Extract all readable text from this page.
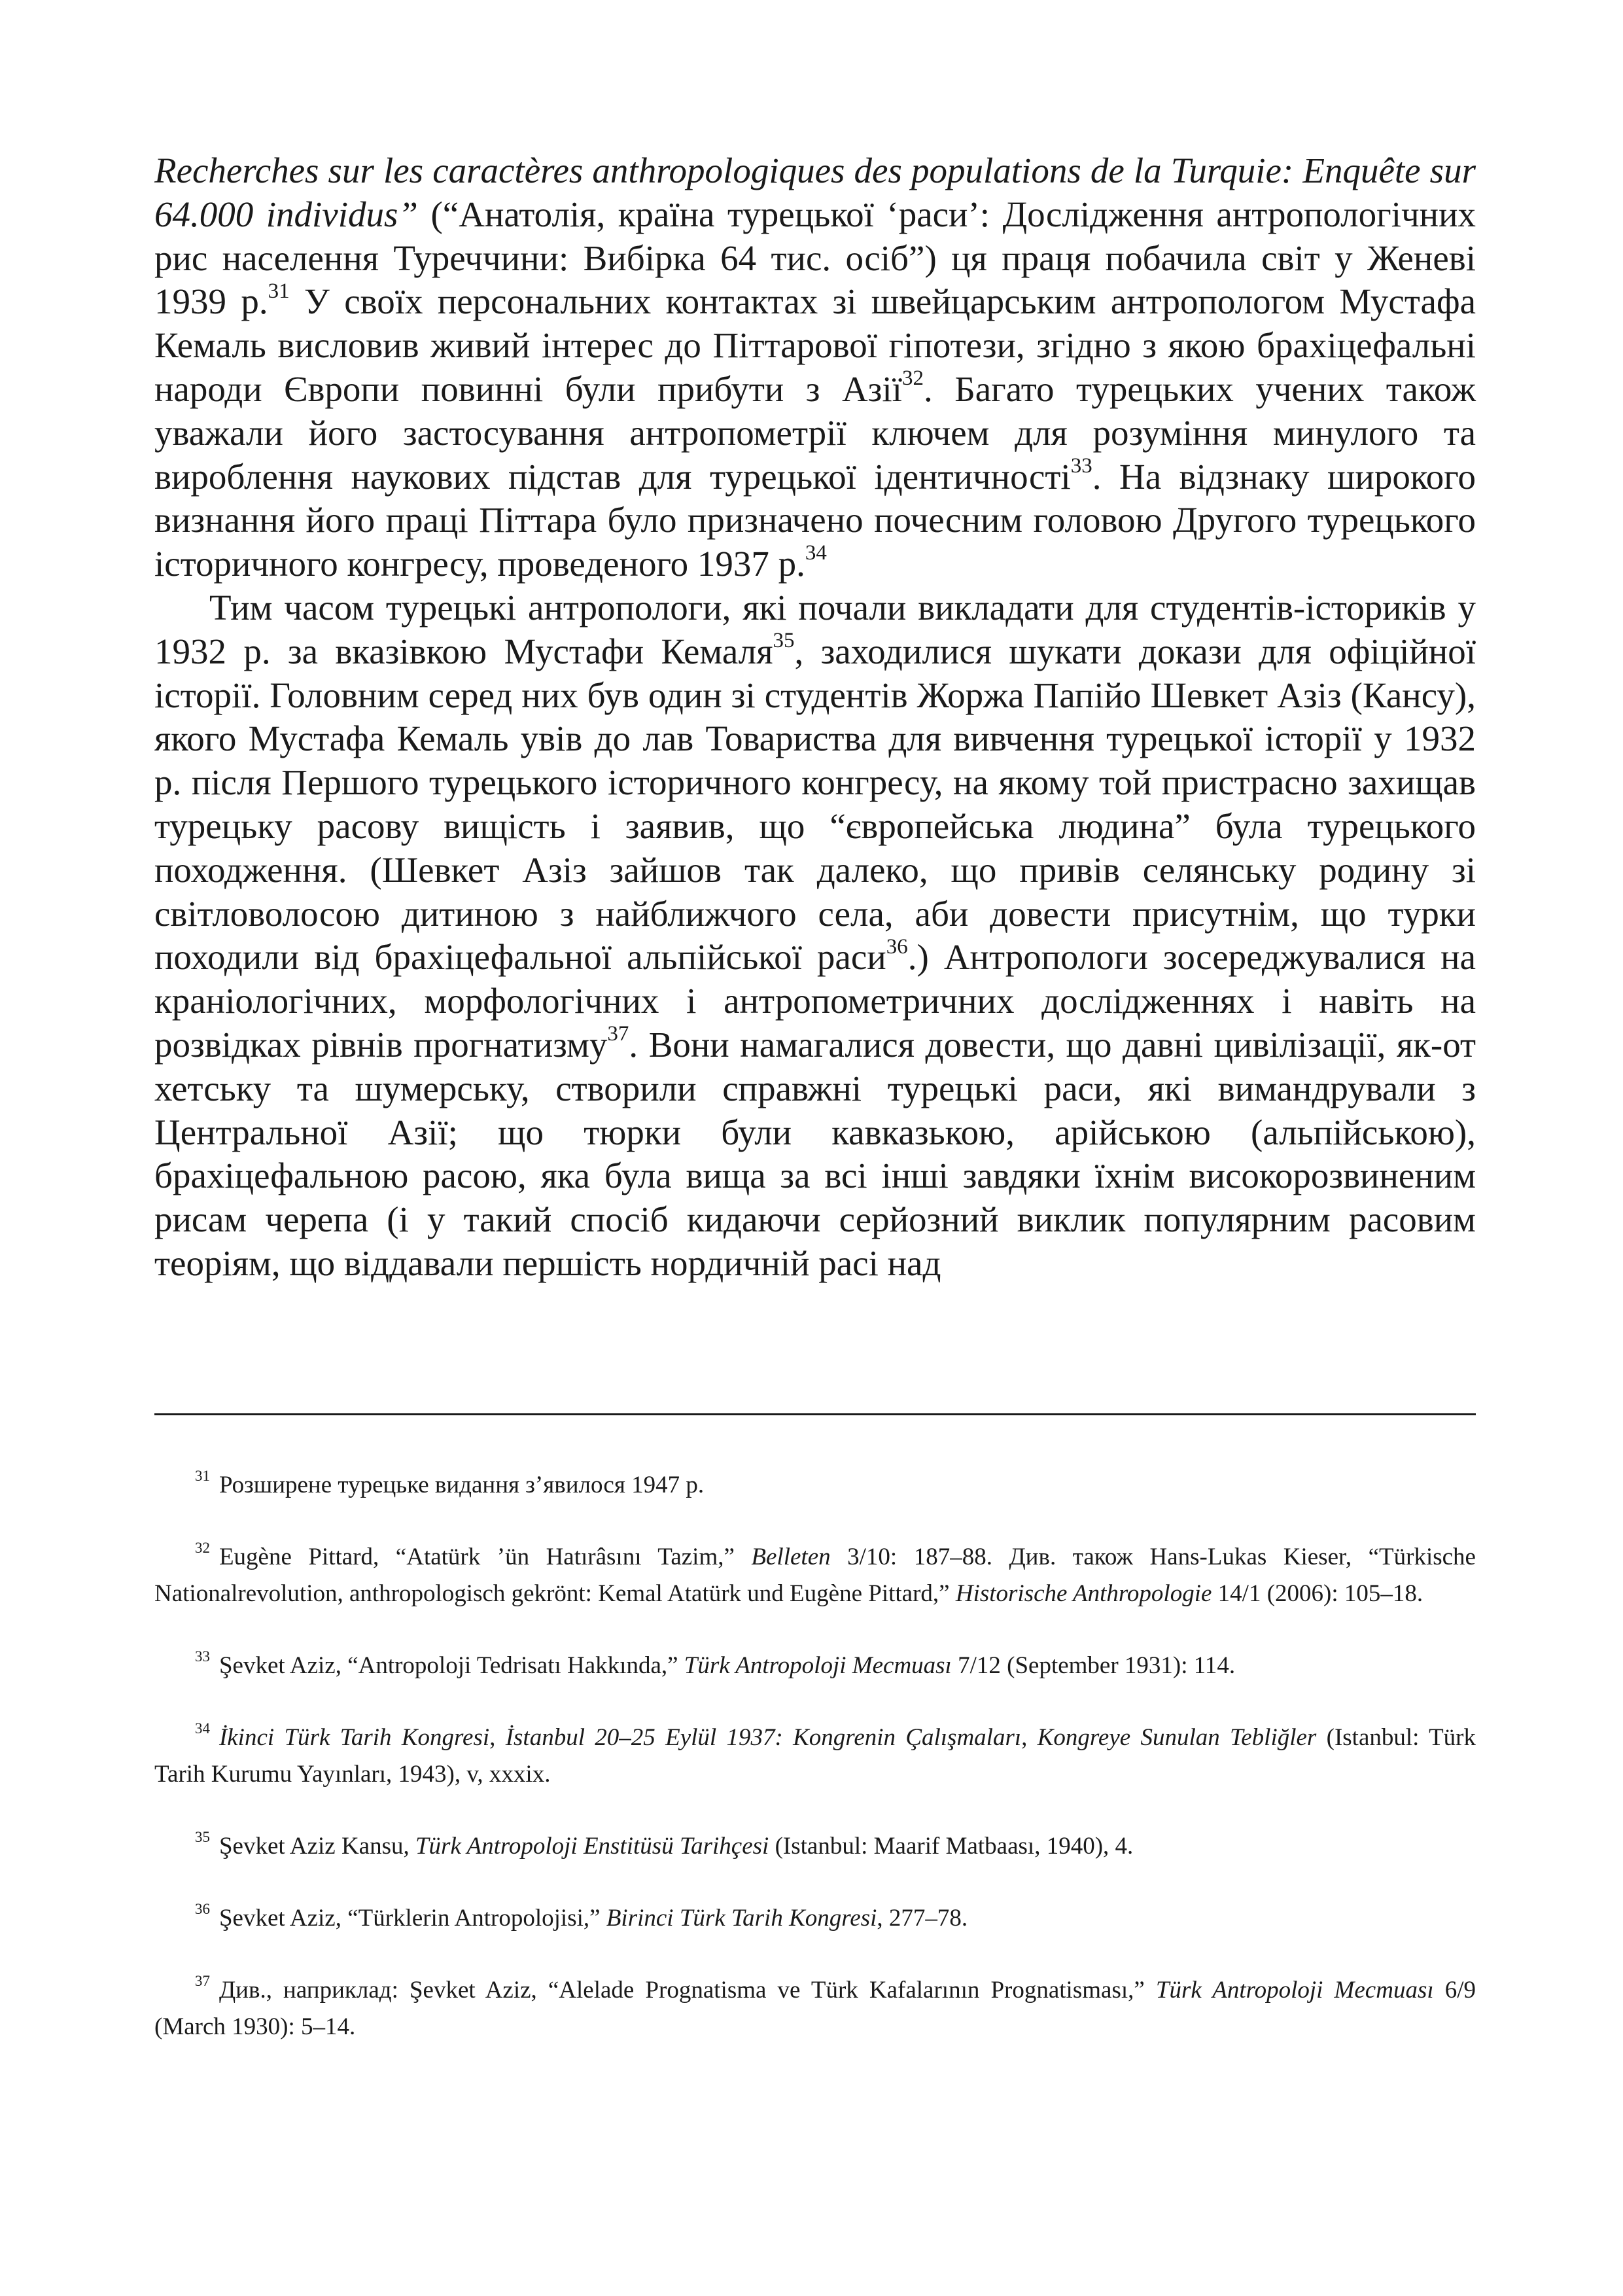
Recherches sur les caractères anthropologiques des populations de la Turquie: Enquête sur 64.000 individus” (“Анатолія, країна турецької ‘раси’: Дослідження антропологічних рис населення Туреччини: Вибірка 64 тис. осіб”) ця праця побачила світ у Женеві 1939 р.$^{31}$ У своїх персональних контактах зі швейцарським антропологом Мустафа Кемаль висловив живий інтерес до Піттарової гіпотези, згідно з якою брахіцефальні народи Європи повинні були прибути з Азії$^{32}$. Багато турецьких учених також уважали його застосування антропометрії ключем для розуміння минулого та вироблення наукових підстав для турецької ідентичності$^{33}$. На відзнаку широкого визнання його праці Піттара було призначено почесним головою Другого турецького історичного конгресу, проведеного 1937 р.$^{34}$

Тим часом турецькі антропологи, які почали викладати для студентів-істориків у 1932 р. за вказівкою Мустафи Кемаля$^{35}$, заходилися шукати докази для офіційної історії. Головним серед них був один зі студентів Жоржа Папійо Шевкет Азіз (Кансу), якого Мустафа Кемаль увів до лав Товариства для вивчення турецької історії у 1932 р. після Першого турецького історичного конгресу, на якому той пристрасно захищав турецьку расову вищість і заявив, що “європейська людина” була турецького походження. (Шевкет Азіз зайшов так далеко, що привів селянську родину зі світловолосою дитиною з найближчого села, аби довести присутнім, що турки походили від брахіцефальної альпійської раси$^{36}$.) Антропологи зосереджувалися на краніологічних, морфологічних і антропометричних дослідженнях і навіть на розвідках рівнів прогнатизму$^{37}$. Вони намагалися довести, що давні цивілізації, як-от хетську та шумерську, створили справжні турецькі раси, які вимандрували з Центральної Азії; що тюрки були кавказькою, арійською (альпійською), брахіцефальною расою, яка була вища за всі інші завдяки їхнім високорозвиненим рисам черепа (і у такий спосіб кидаючи серйозний виклик популярним расовим теоріям, що віддавали першість нордичній расі над

$^{31}$ Розширене турецьке видання з’явилося 1947 р.

$^{32}$ Eugène Pittard, “Atatürk ’ün Hatırâsını Tazim,” Belleten 3/10: 187–88. Див. також Hans-Lukas Kieser, “Türkische Nationalrevolution, anthropologisch gekrönt: Kemal Atatürk und Eugène Pittard,” Historische Anthropologie 14/1 (2006): 105–18.

$^{33}$ Şevket Aziz, “Antropoloji Tedrisatı Hakkında,” Türk Antropoloji Mecmuası 7/12 (September 1931): 114.

$^{34}$ İkinci Türk Tarih Kongresi, İstanbul 20–25 Eylül 1937: Kongrenin Çalışmaları, Kongreye Sunulan Tebliğler (Istanbul: Türk Tarih Kurumu Yayınları, 1943), v, xxxix.

$^{35}$ Şevket Aziz Kansu, Türk Antropoloji Enstitüsü Tarihçesi (Istanbul: Maarif Matbaası, 1940), 4.

$^{36}$ Şevket Aziz, “Türklerin Antropolojisi,” Birinci Türk Tarih Kongresi, 277–78.

$^{37}$ Див., наприклад: Şevket Aziz, “Alelade Prognatisma ve Türk Kafalarının Prognatisması,” Türk Antropoloji Mecmuası 6/9 (March 1930): 5–14.
